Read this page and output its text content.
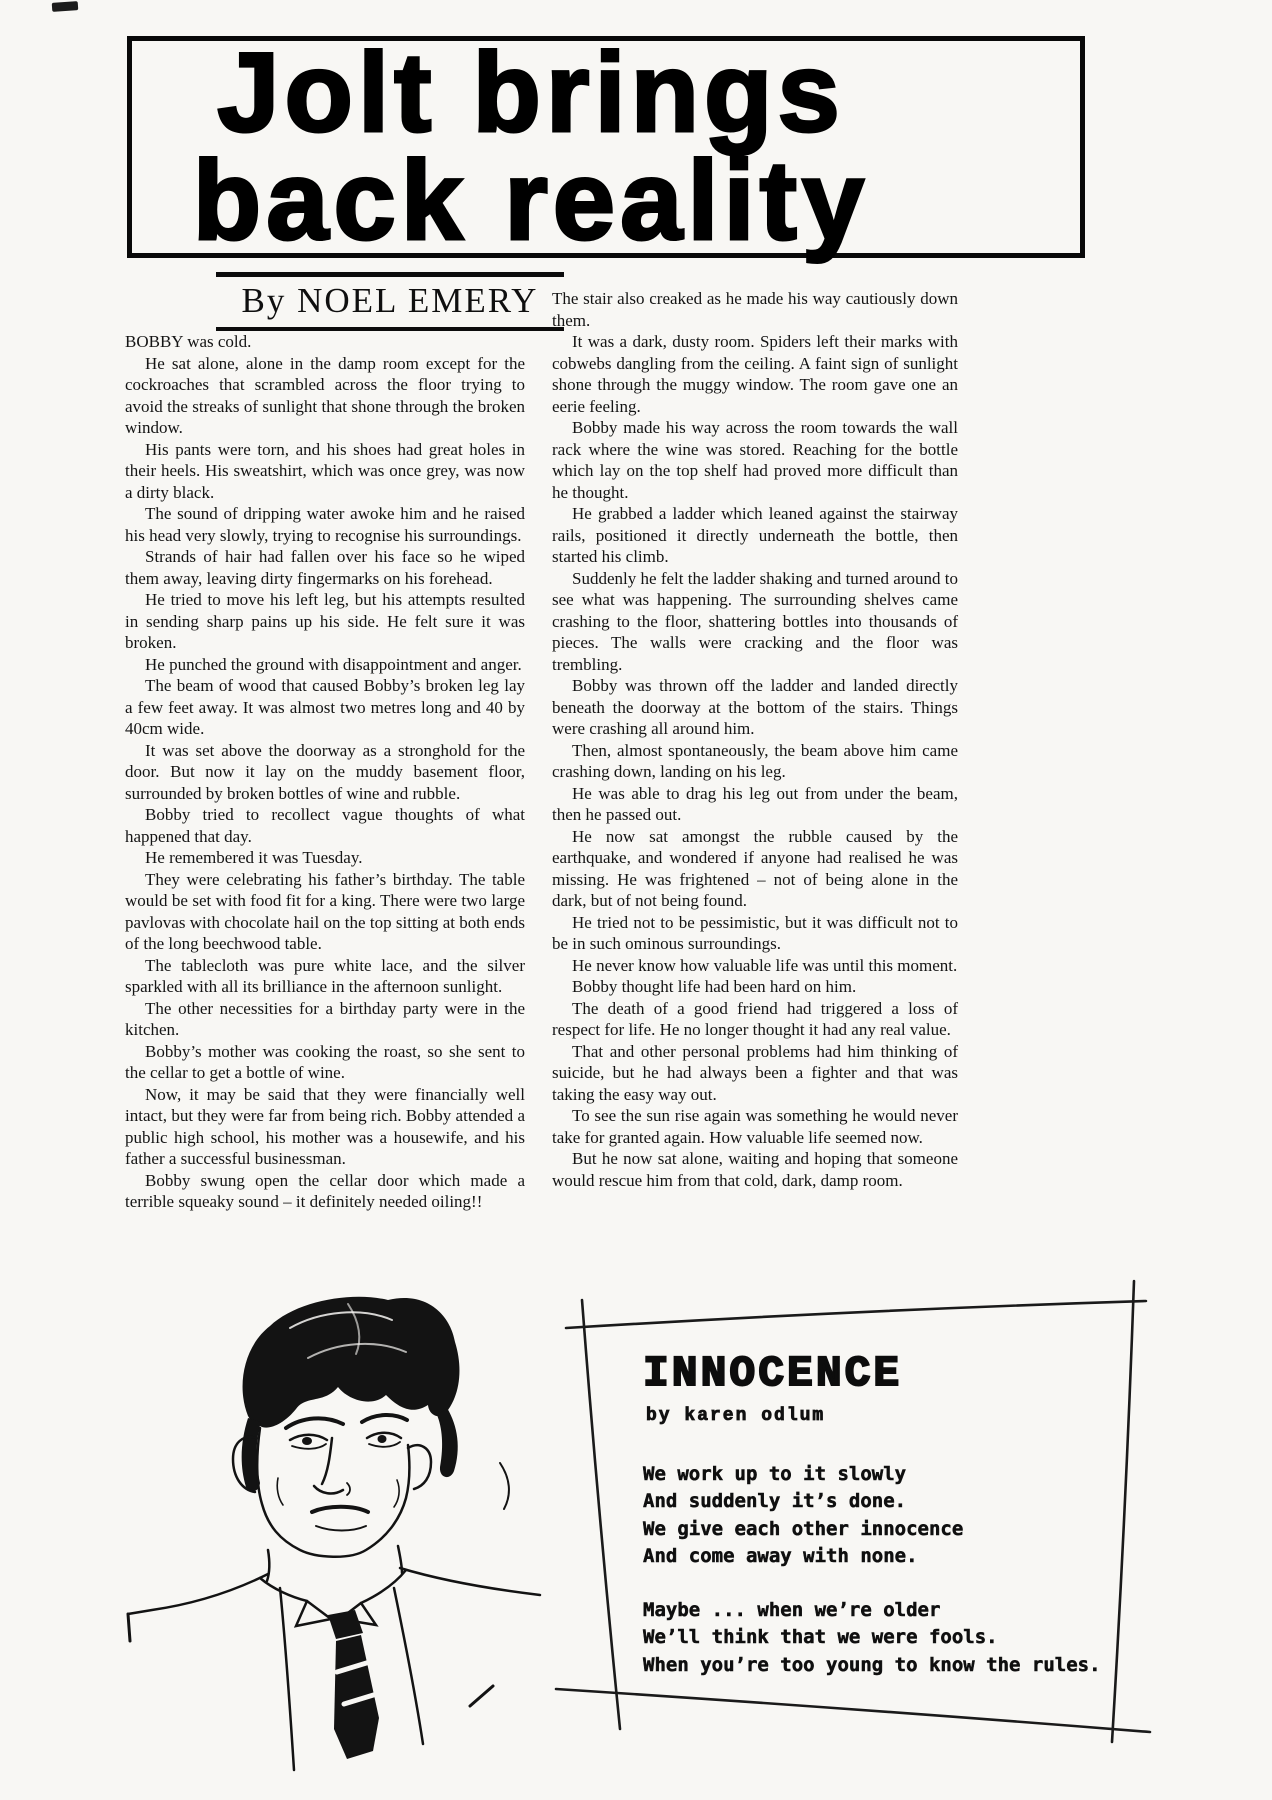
Jolt brings
back reality
By NOEL EMERY

BOBBY was cold.

He sat alone, alone in the damp room except for the cockroaches that scrambled across the floor trying to avoid the streaks of sunlight that shone through the broken window.

His pants were torn, and his shoes had great holes in their heels. His sweatshirt, which was once grey, was now a dirty black.

The sound of dripping water awoke him and he raised his head very slowly, trying to recognise his surroundings.

Strands of hair had fallen over his face so he wiped them away, leaving dirty fingermarks on his forehead.

He tried to move his left leg, but his attempts resulted in sending sharp pains up his side. He felt sure it was broken.

He punched the ground with disappointment and anger.

The beam of wood that caused Bobby’s broken leg lay a few feet away. It was almost two metres long and 40 by 40cm wide.

It was set above the doorway as a stronghold for the door. But now it lay on the muddy basement floor, surrounded by broken bottles of wine and rubble.

Bobby tried to recollect vague thoughts of what happened that day.

He remembered it was Tuesday.

They were celebrating his father’s birthday. The table would be set with food fit for a king. There were two large pavlovas with chocolate hail on the top sitting at both ends of the long beechwood table.

The tablecloth was pure white lace, and the silver sparkled with all its brilliance in the afternoon sunlight.

The other necessities for a birthday party were in the kitchen.

Bobby’s mother was cooking the roast, so she sent to the cellar to get a bottle of wine.

Now, it may be said that they were financially well intact, but they were far from being rich. Bobby attended a public high school, his mother was a housewife, and his father a successful businessman.

Bobby swung open the cellar door which made a terrible squeaky sound – it definitely needed oiling!!

The stair also creaked as he made his way cautiously down them.

It was a dark, dusty room. Spiders left their marks with cobwebs dangling from the ceiling. A faint sign of sunlight shone through the muggy window. The room gave one an eerie feeling.

Bobby made his way across the room towards the wall rack where the wine was stored. Reaching for the bottle which lay on the top shelf had proved more difficult than he thought.

He grabbed a ladder which leaned against the stairway rails, positioned it directly underneath the bottle, then started his climb.

Suddenly he felt the ladder shaking and turned around to see what was happening. The surrounding shelves came crashing to the floor, shattering bottles into thousands of pieces. The walls were cracking and the floor was trembling.

Bobby was thrown off the ladder and landed directly beneath the doorway at the bottom of the stairs. Things were crashing all around him.

Then, almost spontaneously, the beam above him came crashing down, landing on his leg.

He was able to drag his leg out from under the beam, then he passed out.

He now sat amongst the rubble caused by the earthquake, and wondered if anyone had realised he was missing. He was frightened – not of being alone in the dark, but of not being found.

He tried not to be pessimistic, but it was difficult not to be in such ominous surroundings.

He never know how valuable life was until this moment.

Bobby thought life had been hard on him.

The death of a good friend had triggered a loss of respect for life. He no longer thought it had any real value.

That and other personal problems had him thinking of suicide, but he had always been a fighter and that was taking the easy way out.

To see the sun rise again was something he would never take for granted again. How valuable life seemed now.

But he now sat alone, waiting and hoping that someone would rescue him from that cold, dark, damp room.

INNOCENCE
by karen odlum
We work up to it slowly
And suddenly it’s done.
We give each other innocence
And come away with none.
Maybe ... when we’re older
We’ll think that we were fools.
When you’re too young to know the rules.
